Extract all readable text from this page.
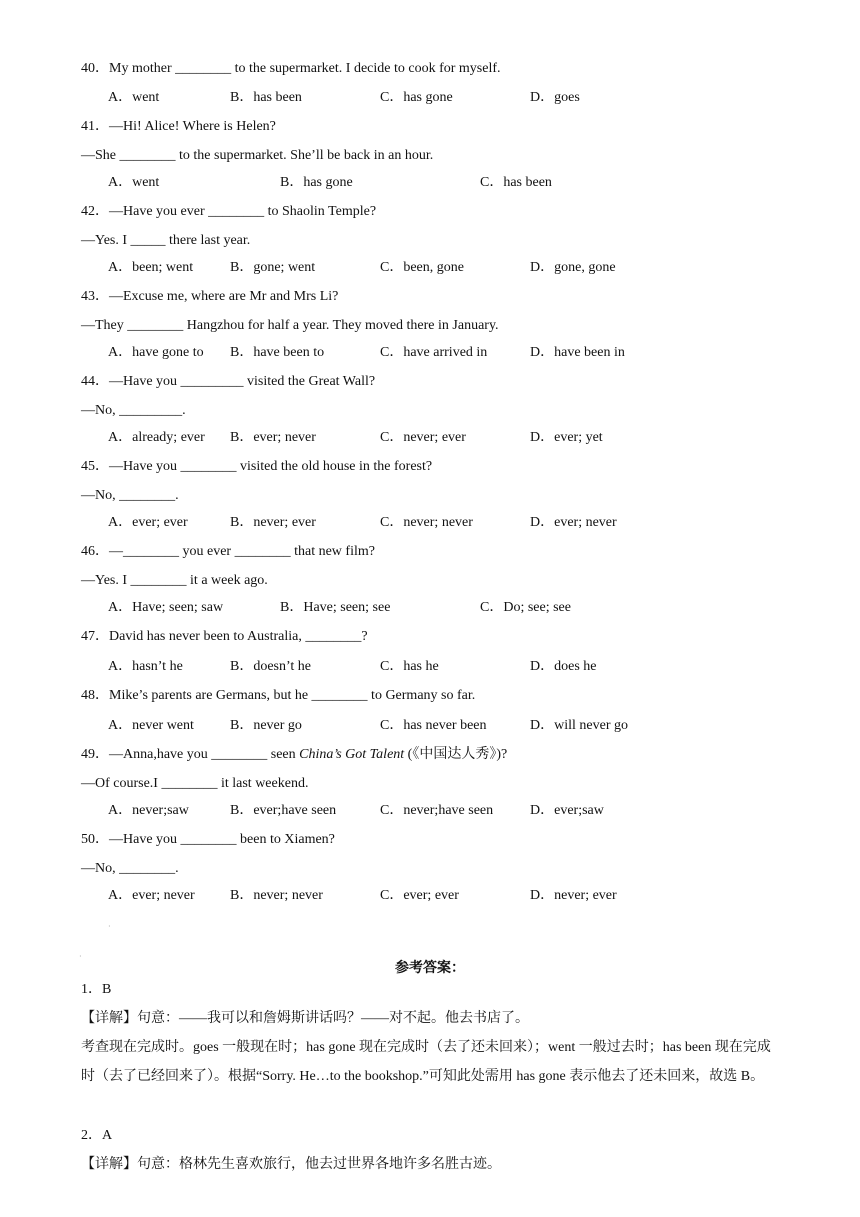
40．My mother ________ to the supermarket. I decide to cook for myself.
A．went	B．has been	C．has gone	D．goes
41．—Hi! Alice! Where is Helen?
—She ________ to the supermarket. She’ll be back in an hour.
A．went	B．has gone	C．has been
42．—Have you ever ________ to Shaolin Temple?
—Yes. I _____ there last year.
A．been; went	B．gone; went	C．been, gone	D．gone, gone
43．—Excuse me, where are Mr and Mrs Li?
—They ________ Hangzhou for half a year. They moved there in January.
A．have gone to B．have been to	C．have arrived in	D．have been in
44．—Have you _________ visited the Great Wall?
—No, _________.
A．already; ever B．ever; never	C．never; ever	D．ever; yet
45．—Have you ________ visited the old house in the forest?
—No, ________.
A．ever; ever	B．never; ever	C．never; never	D．ever; never
46．—________ you ever ________ that new film?
—Yes. I ________ it a week ago.
A．Have; seen; saw	B．Have; seen; see	C．Do; see; see
47．David has never been to Australia, ________?
A．hasn’t he	B．doesn’t he	C．has he	D．does he
48．Mike’s parents are Germans, but he ________ to Germany so far.
A．never went	B．never go	C．has never been	D．will never go
49．—Anna,have you ________ seen China’s Got Talent (《中国达人秀》)?
—Of course.I ________ it last weekend.
A．never;saw	B．ever;have seen	C．never;have seen	D．ever;saw
50．—Have you ________ been to Xiamen?
—No, ________.
A．ever; never	B．never; never	C．ever; ever	D．never; ever
·
·
参考答案：
1．B
【详解】句意：——我可以和詹姆斯讲话吗？——对不起。他去书店了。
考查现在完成时。goes 一般现在时；has gone 现在完成时（去了还未回来）；went 一般过去时；has been 现在完成时（去了已经回来了）。根据“Sorry. He…to the bookshop.”可知此处需用 has gone 表示他去了还未回来，故选 B。
2．A
【详解】句意：格林先生喜欢旅行，他去过世界各地许多名胜古迹。
